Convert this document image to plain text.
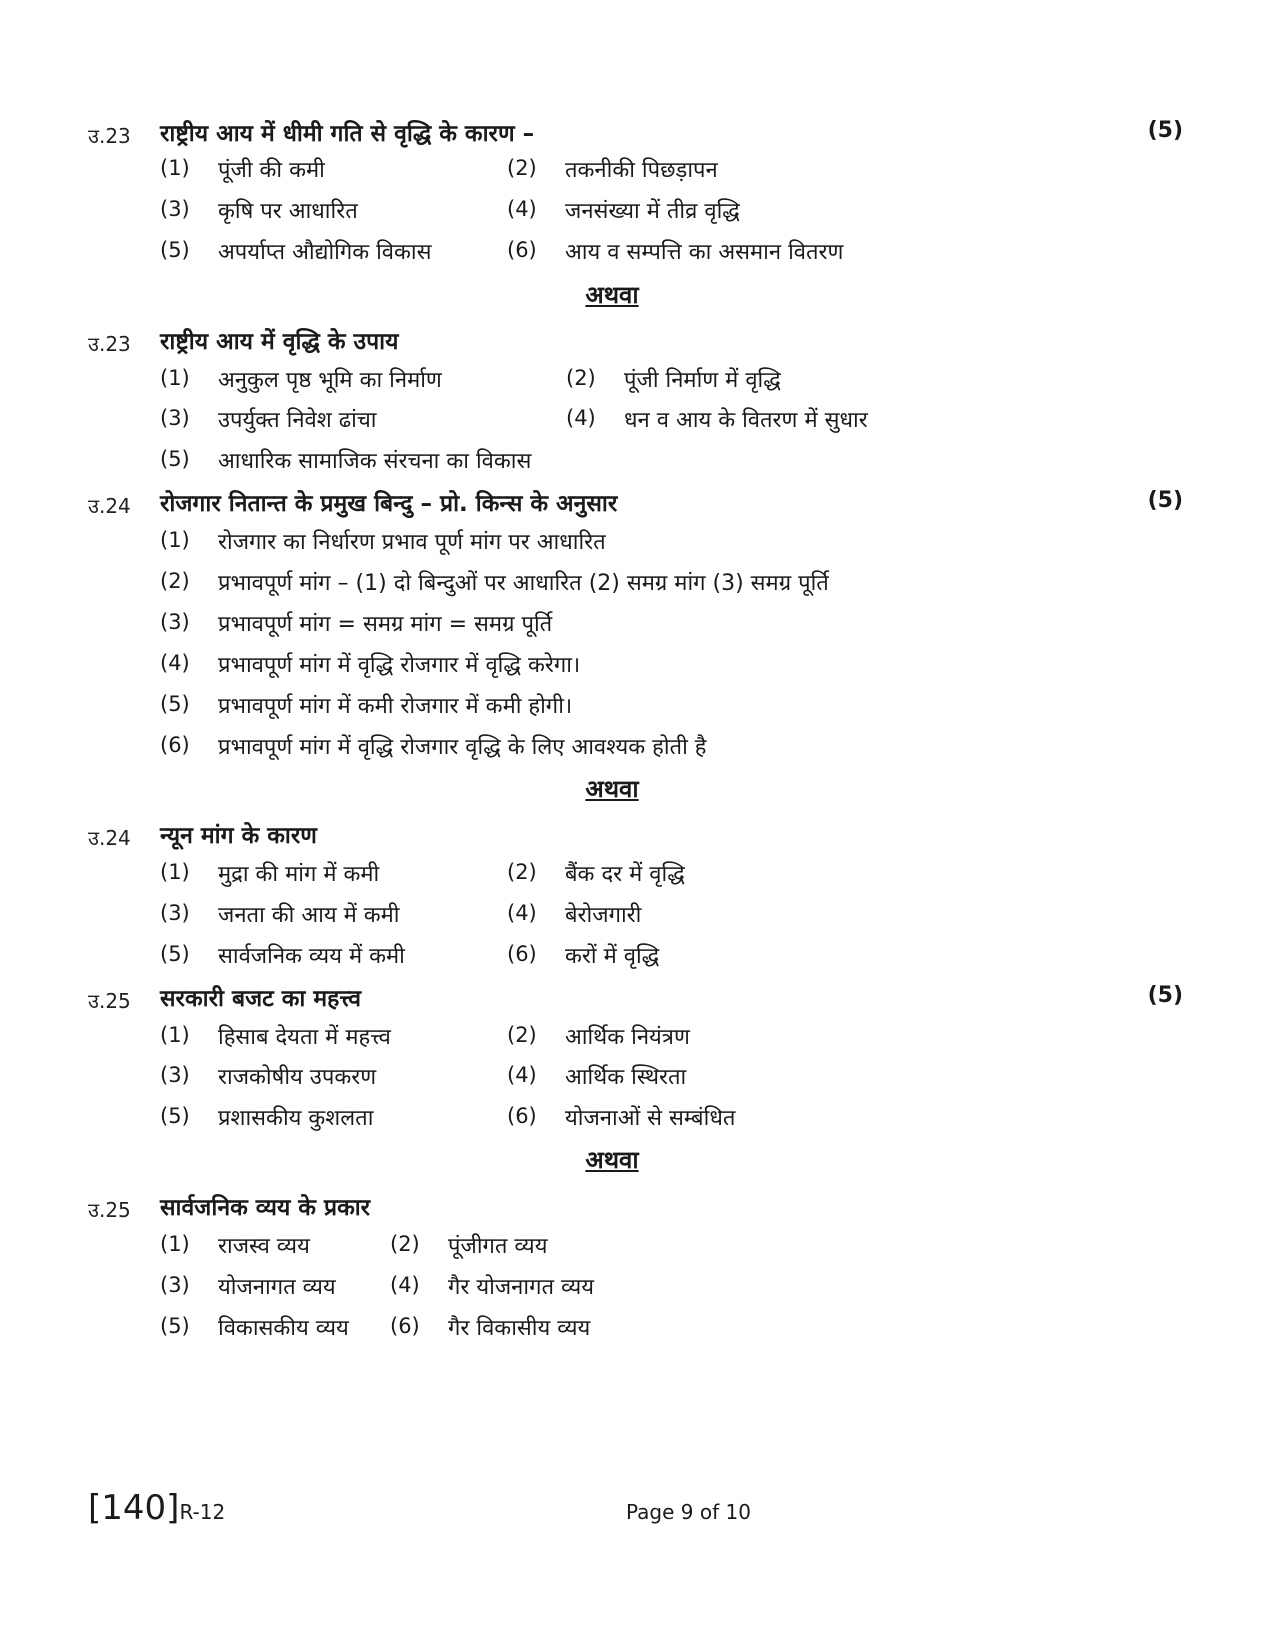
उ.23 राष्ट्रीय आय में धीमी गति से वृद्धि के कारण –	(5)
(1) पूंजी की कमी	(2) तकनीकी पिछड़ापन
(3) कृषि पर आधारित	(4) जनसंख्या में तीव्र वृद्धि
(5) अपर्याप्त औद्योगिक विकास	(6) आय व सम्पत्ति का असमान वितरण
अथवा
उ.23 राष्ट्रीय आय में वृद्धि के उपाय
(1) अनुकुल पृष्ठ भूमि का निर्माण	(2) पूंजी निर्माण में वृद्धि
(3) उपर्युक्त निवेश ढांचा	(4) धन व आय के वितरण में सुधार
(5) आधारिक सामाजिक संरचना का विकास
उ.24 रोजगार नितान्त के प्रमुख बिन्दु – प्रो. किन्स के अनुसार	(5)
(1) रोजगार का निर्धारण प्रभाव पूर्ण मांग पर आधारित
(2) प्रभावपूर्ण मांग – (1) दो बिन्दुओं पर आधारित (2) समग्र मांग (3) समग्र पूर्ति
(3) प्रभावपूर्ण मांग = समग्र मांग = समग्र पूर्ति
(4) प्रभावपूर्ण मांग में वृद्धि रोजगार में वृद्धि करेगा।
(5) प्रभावपूर्ण मांग में कमी रोजगार में कमी होगी।
(6) प्रभावपूर्ण मांग में वृद्धि रोजगार वृद्धि के लिए आवश्यक होती है
अथवा
उ.24 न्यून मांग के कारण
(1) मुद्रा की मांग में कमी	(2) बैंक दर में वृद्धि
(3) जनता की आय में कमी	(4) बेरोजगारी
(5) सार्वजनिक व्यय में कमी	(6) करों में वृद्धि
उ.25 सरकारी बजट का महत्त्व	(5)
(1) हिसाब देयता में महत्त्व	(2) आर्थिक नियंत्रण
(3) राजकोषीय उपकरण	(4) आर्थिक स्थिरता
(5) प्रशासकीय कुशलता	(6) योजनाओं से सम्बंधित
अथवा
उ.25 सार्वजनिक व्यय के प्रकार
(1) राजस्व व्यय	(2) पूंजीगत व्यय
(3) योजनागत व्यय	(4) गैर योजनागत व्यय
(5) विकासकीय व्यय (6) गैर विकासीय व्यय
[140]R-12	Page 9 of 10
